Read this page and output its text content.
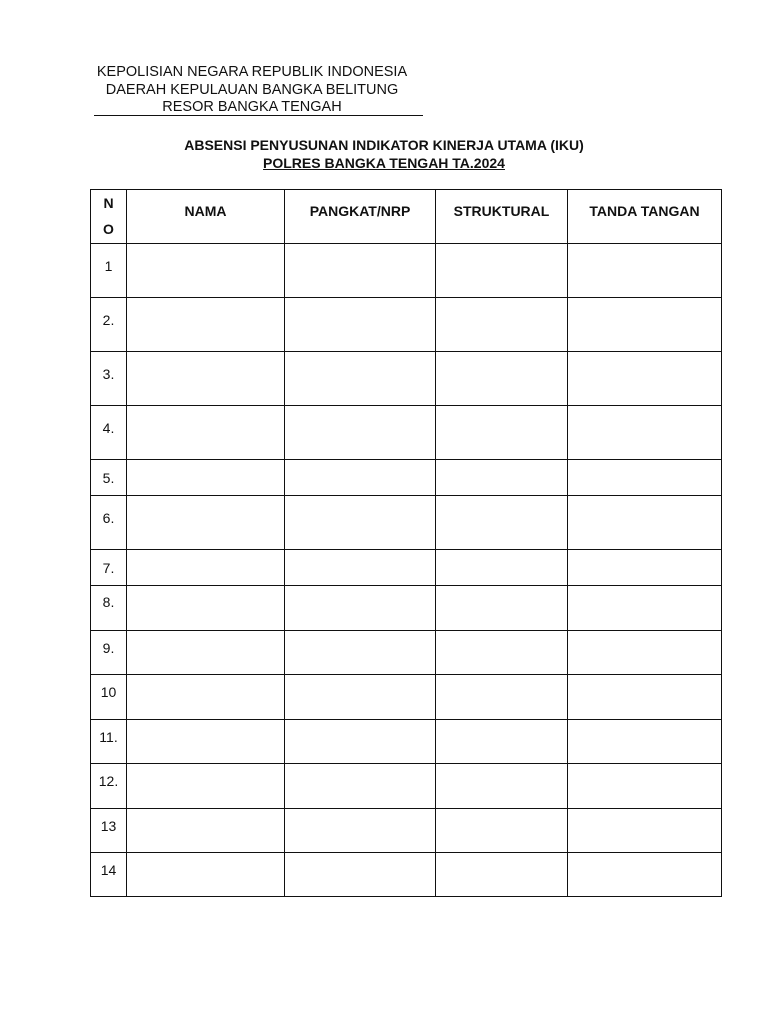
KEPOLISIAN NEGARA REPUBLIK INDONESIA
DAERAH KEPULAUAN BANGKA BELITUNG
RESOR BANGKA TENGAH
ABSENSI PENYUSUNAN INDIKATOR KINERJA UTAMA (IKU)
POLRES BANGKA TENGAH TA.2024
NO	NAMA	PANGKAT/NRP	STRUKTURAL	TANDA TANGAN
1				
2.				
3.				
4.				
5.				
6.				
7.				
8.				
9.				
10				
11.				
12.				
13				
14				
